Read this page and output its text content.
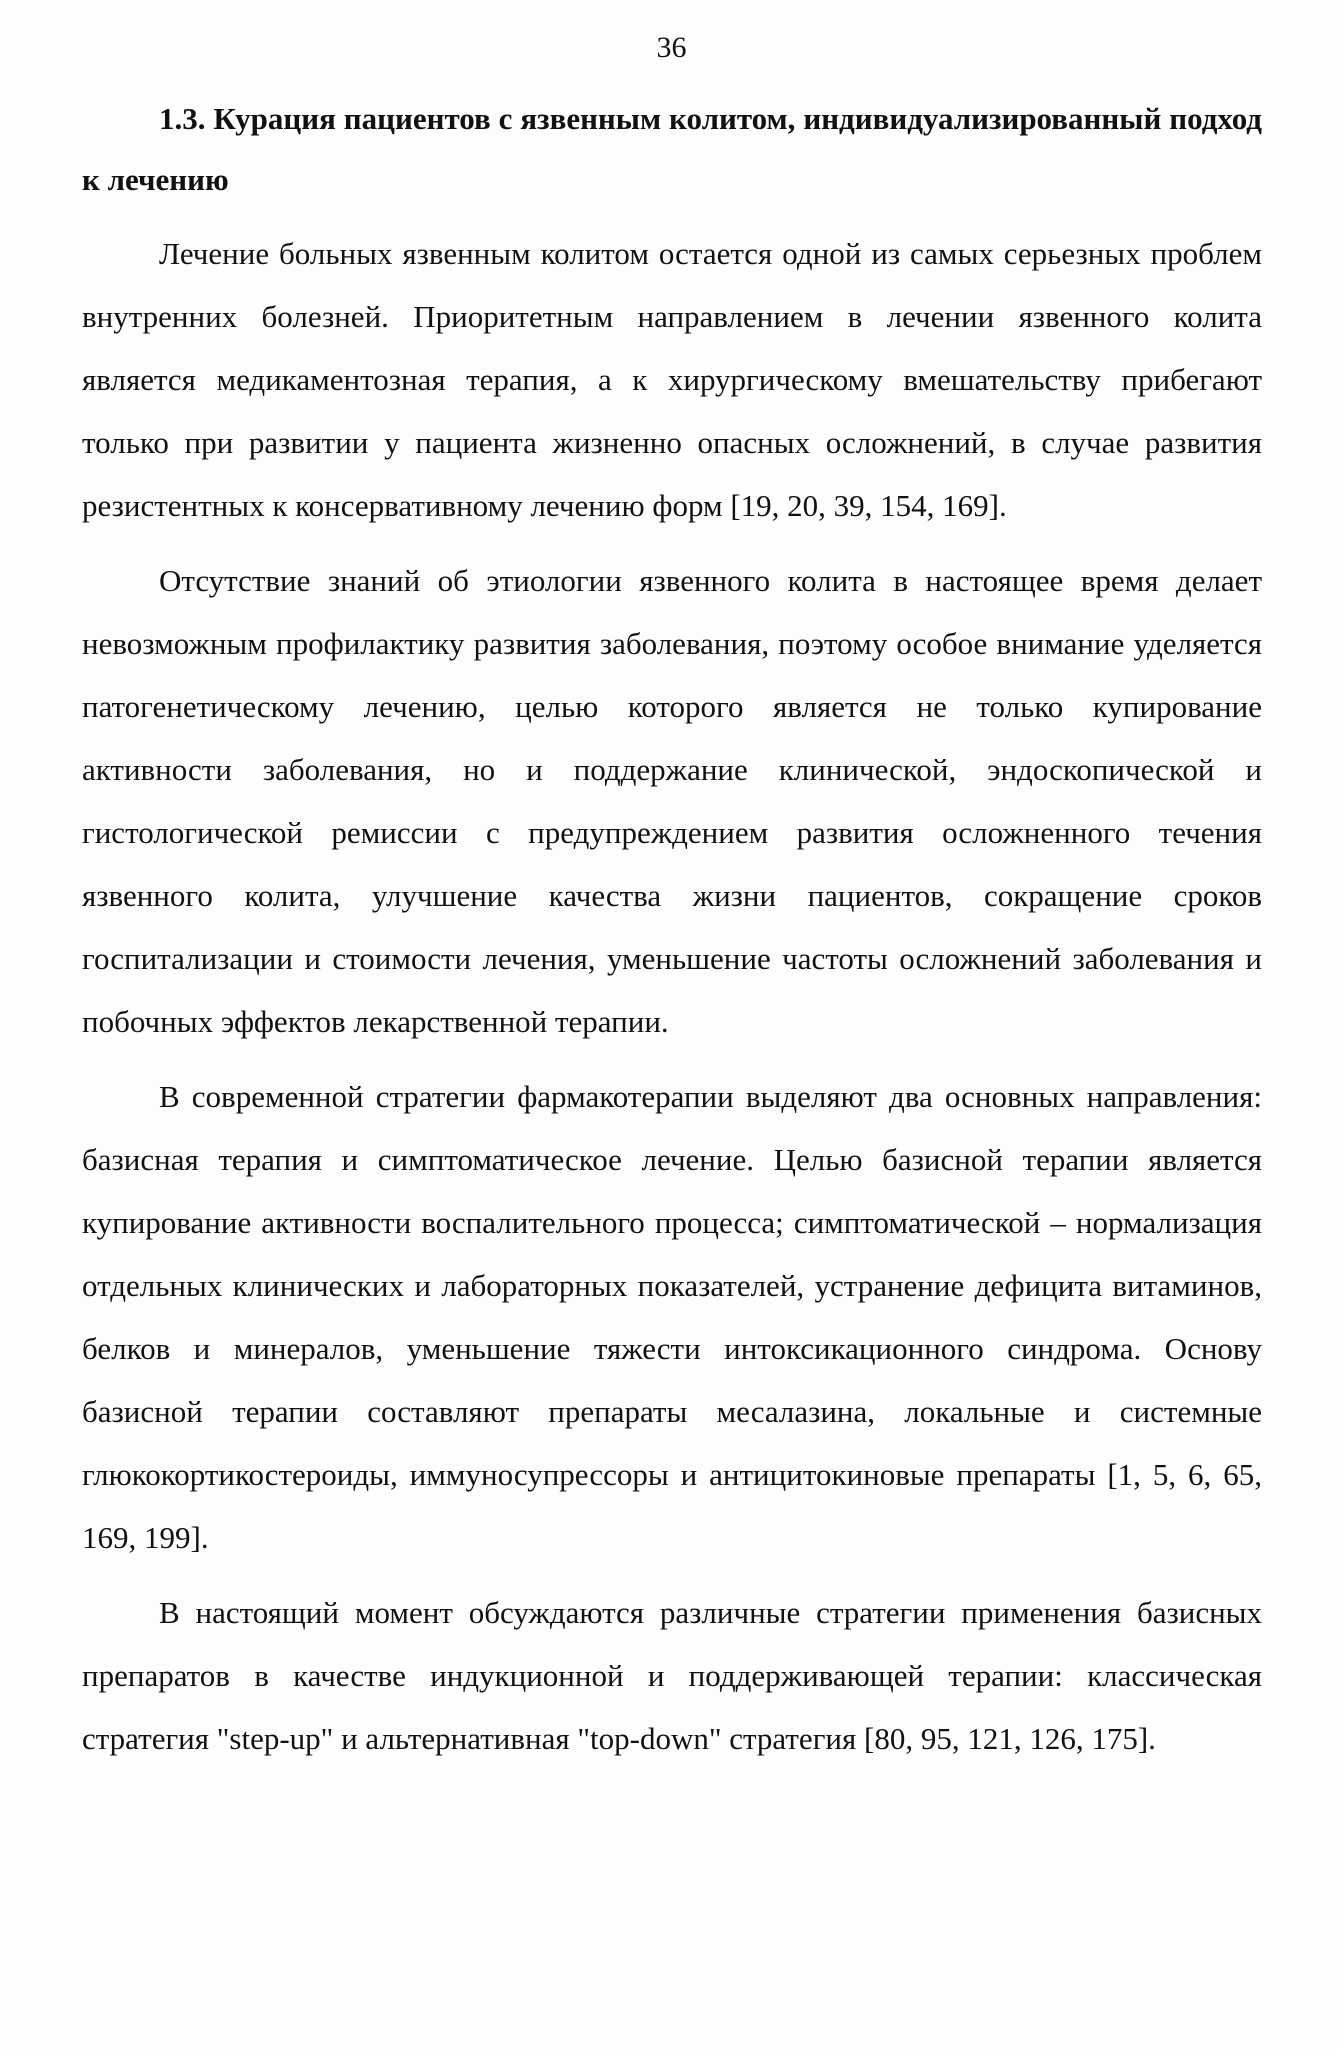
36

1.3. Курация пациентов с язвенным колитом, индивидуализированный подход к лечению

Лечение больных язвенным колитом остается одной из самых серьезных проблем внутренних болезней. Приоритетным направлением в лечении язвенного колита является медикаментозная терапия, а к хирургическому вмешательству прибегают только при развитии у пациента жизненно опасных осложнений, в случае развития резистентных к консервативному лечению форм [19, 20, 39, 154, 169].

Отсутствие знаний об этиологии язвенного колита в настоящее время делает невозможным профилактику развития заболевания, поэтому особое внимание уделяется патогенетическому лечению, целью которого является не только купирование активности заболевания, но и поддержание клинической, эндоскопической и гистологической ремиссии с предупреждением развития осложненного течения язвенного колита, улучшение качества жизни пациентов, сокращение сроков госпитализации и стоимости лечения, уменьшение частоты осложнений заболевания и побочных эффектов лекарственной терапии.

В современной стратегии фармакотерапии выделяют два основных направления: базисная терапия и симптоматическое лечение. Целью базисной терапии является купирование активности воспалительного процесса; симптоматической – нормализация отдельных клинических и лабораторных показателей, устранение дефицита витаминов, белков и минералов, уменьшение тяжести интоксикационного синдрома. Основу базисной терапии составляют препараты месалазина, локальные и системные глюкокортикостероиды, иммуносупрессоры и антицитокиновые препараты [1, 5, 6, 65, 169, 199].

В настоящий момент обсуждаются различные стратегии применения базисных препаратов в качестве индукционной и поддерживающей терапии: классическая стратегия "step-up" и альтернативная "top-down" стратегия [80, 95, 121, 126, 175].
